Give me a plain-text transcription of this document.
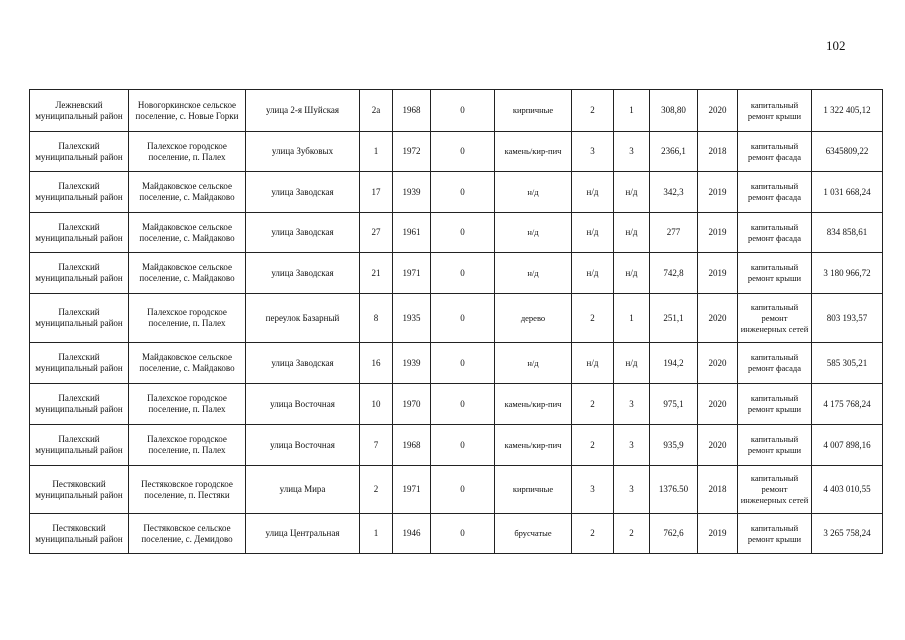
102
Лежневский муниципальный район	Новогоркинское сельское поселение, с. Новые Горки	улица 2-я Шуйская	2а	1968	0	кирпичные	2	1	308,80	2020	капитальный ремонт крыши	1 322 405,12
Палехский муниципальный район	Палехское городское поселение, п. Палех	улица Зубковых	1	1972	0	камень/кир-пич	3	3	2366,1	2018	капитальный ремонт фасада	6345809,22
Палехский муниципальный район	Майдаковское сельское поселение, с. Майдаково	улица Заводская	17	1939	0	н/д	н/д	н/д	342,3	2019	капитальный ремонт фасада	1 031 668,24
Палехский муниципальный район	Майдаковское сельское поселение, с. Майдаково	улица Заводская	27	1961	0	н/д	н/д	н/д	277	2019	капитальный ремонт фасада	834 858,61
Палехский муниципальный район	Майдаковское сельское поселение, с. Майдаково	улица Заводская	21	1971	0	н/д	н/д	н/д	742,8	2019	капитальный ремонт крыши	3 180 966,72
Палехский муниципальный район	Палехское городское поселение, п. Палех	переулок Базарный	8	1935	0	дерево	2	1	251,1	2020	капитальный ремонт инженерных сетей	803 193,57
Палехский муниципальный район	Майдаковское сельское поселение, с. Майдаково	улица Заводская	16	1939	0	н/д	н/д	н/д	194,2	2020	капитальный ремонт фасада	585 305,21
Палехский муниципальный район	Палехское городское поселение, п. Палех	улица Восточная	10	1970	0	камень/кир-пич	2	3	975,1	2020	капитальный ремонт крыши	4 175 768,24
Палехский муниципальный район	Палехское городское поселение, п. Палех	улица Восточная	7	1968	0	камень/кир-пич	2	3	935,9	2020	капитальный ремонт крыши	4 007 898,16
Пестяковский муниципальный район	Пестяковское городское поселение, п. Пестяки	улица Мира	2	1971	0	кирпичные	3	3	1376.50	2018	капитальный ремонт инженерных сетей	4 403 010,55
Пестяковский муниципальный район	Пестяковское сельское поселение, с. Демидово	улица Центральная	1	1946	0	брусчатые	2	2	762,6	2019	капитальный ремонт крыши	3 265 758,24
